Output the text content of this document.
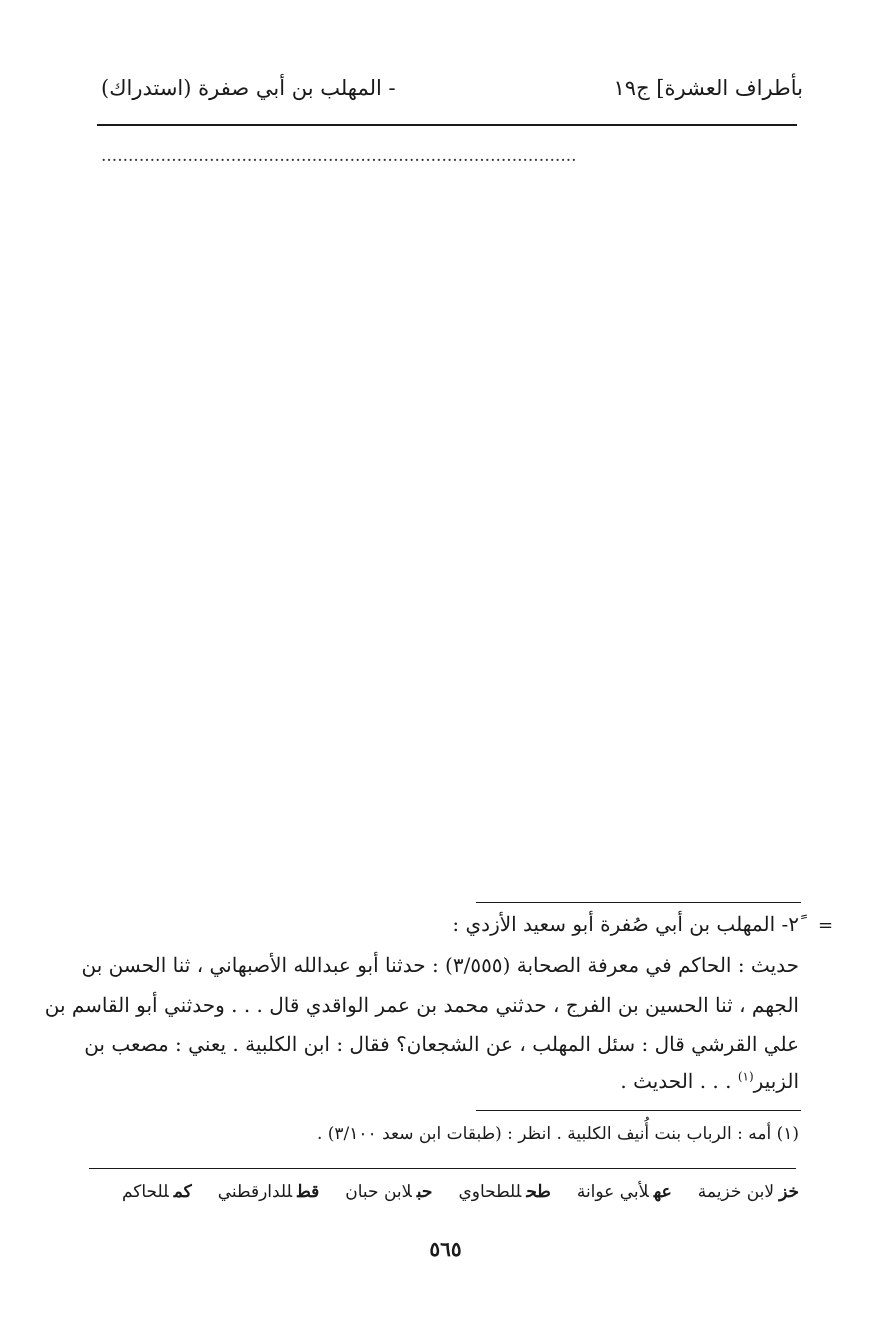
بأطراف العشرة] ج١٩
- المهلب بن أبي صفرة (استدراك)
........................................................................................
=
٢ً- المهلب بن أبي صُفرة أبو سعيد الأزدي :
حديث : الحاكم في معرفة الصحابة (٣/٥٥٥) : حدثنا أبو عبدالله الأصبهاني ، ثنا الحسن بن
الجهم ، ثنا الحسين بن الفرج ، حدثني محمد بن عمر الواقدي قال . . . وحدثني أبو القاسم بن
علي القرشي قال : سئل المهلب ، عن الشجعان؟ فقال : ابن الكلبية . يعني : مصعب بن
الزبير$^{(١)}$ . . . الحديث .
(١) أمه : الرباب بنت أُنيف الكلبية . انظر : (طبقات ابن سعد ٣/١٠٠) .
خزلابن خزيمة
عهلأبي عوانة
طحللطحاوي
حبلابن حبان
قطللدارقطني
كمللحاكم
٥٦٥
